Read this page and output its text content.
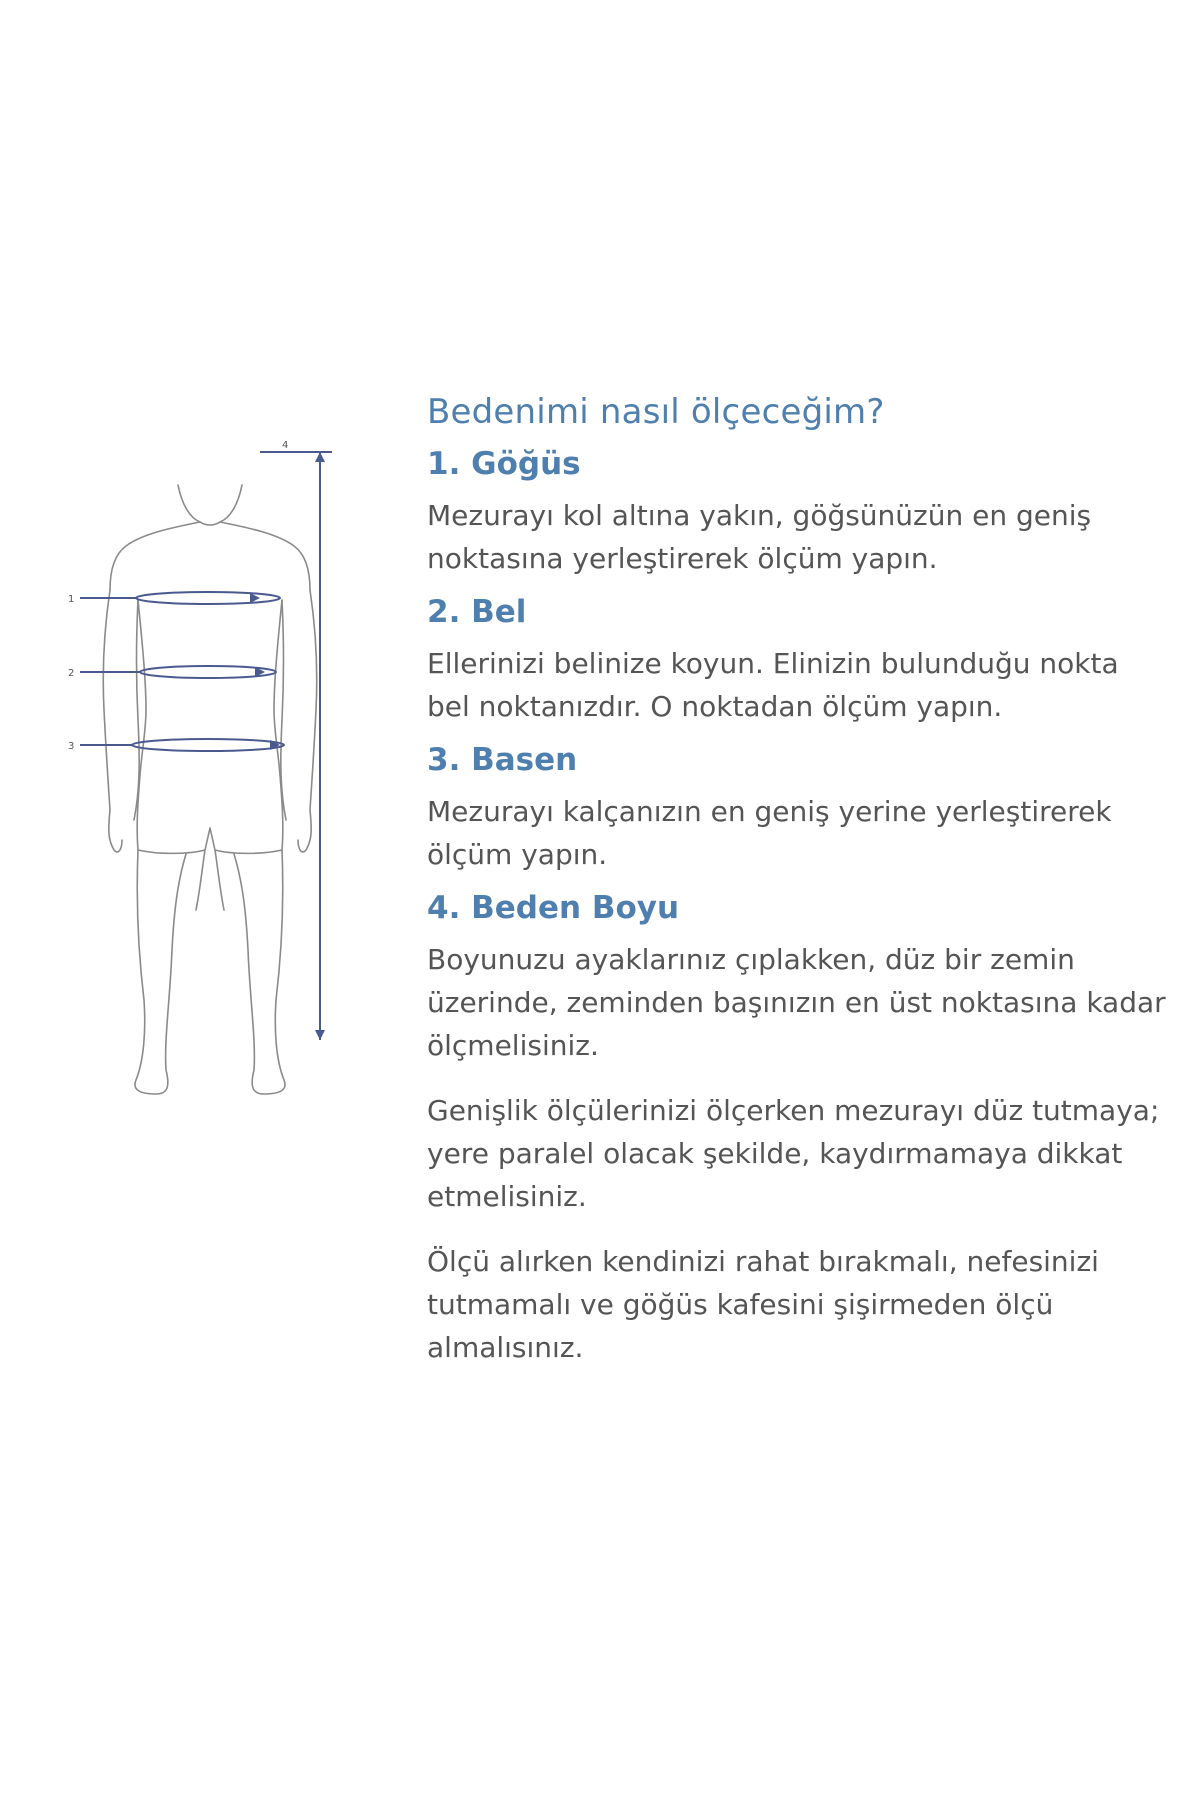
1
2
3
4
Bedenimi nasıl ölçeceğim?
1. Göğüs

Mezurayı kol altına yakın, göğsünüzün en geniş noktasına yerleştirerek ölçüm yapın.

2. Bel

Ellerinizi belinize koyun. Elinizin bulunduğu nokta bel noktanızdır. O noktadan ölçüm yapın.

3. Basen

Mezurayı kalçanızın en geniş yerine yerleştirerek ölçüm yapın.

4. Beden Boyu

Boyunuzu ayaklarınız çıplakken, düz bir zemin üzerinde, zeminden başınızın en üst noktasına kadar ölçmelisiniz.

Genişlik ölçülerinizi ölçerken mezurayı düz tutmaya; yere paralel olacak şekilde, kaydırmamaya dikkat etmelisiniz.

Ölçü alırken kendinizi rahat bırakmalı, nefesinizi tutmamalı ve göğüs kafesini şişirmeden ölçü almalısınız.
